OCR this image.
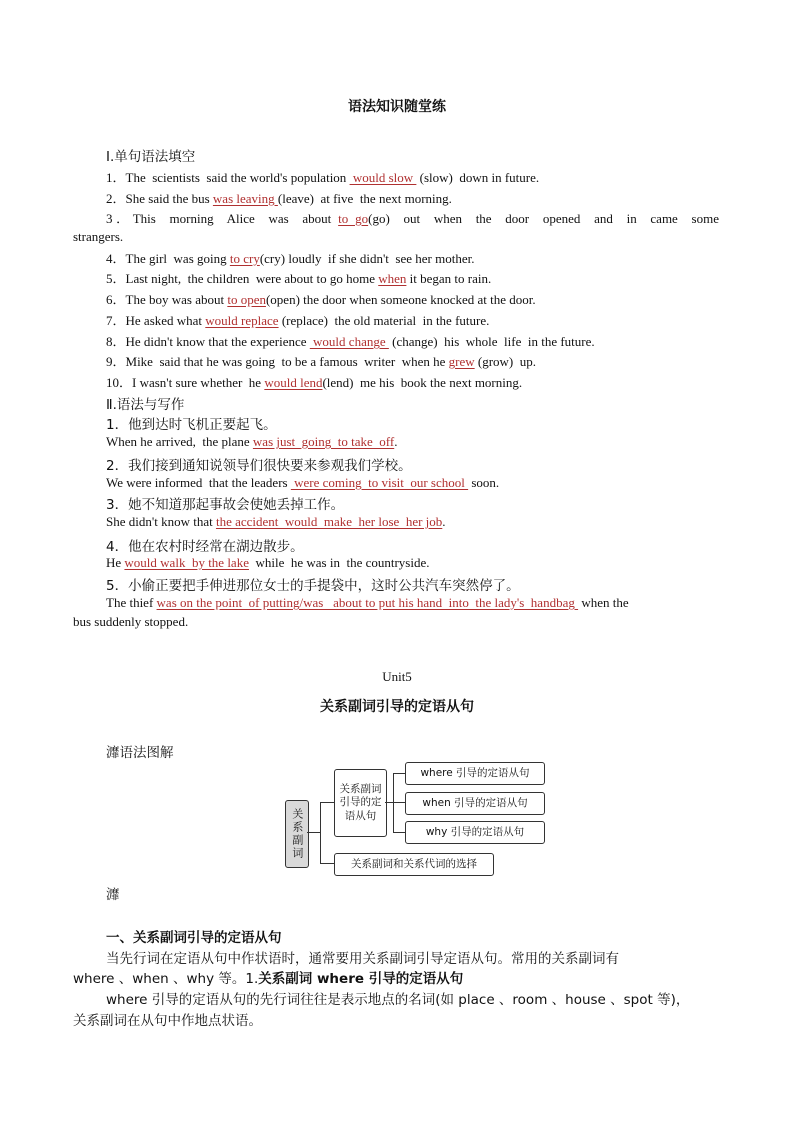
语法知识随堂练
Ⅰ.单句语法填空
1．The  scientists  said the world's population  would slow  (slow)  down in future.
2．She said the bus was leaving (leave)  at five  the next morning.
3．This  morning  Alice  was  about to go(go)  out  when  the  door  opened  and  in  came  some
4．The girl  was going to cry(cry) loudly  if she didn't  see her mother.
5．Last night,  the children  were about to go home when it began to rain.
6．The boy was about to open(open) the door when someone knocked at the door.
7．He asked what would replace (replace)  the old material  in the future.
8．He didn't know that the experience  would change  (change)  his  whole  life  in the future.
9．Mike  said that he was going  to be a famous  writer  when he grew (grow)  up.
10．I wasn't sure whether  he would lend(lend)  me his  book the next morning.
strangers.
Ⅱ.语法与写作
1．他到达时飞机正要起飞。
When he arrived,  the plane was just  going  to take  off.
2．我们接到通知说领导们很快要来参观我们学校。
We were informed  that the leaders  were coming  to visit  our school  soon.
3．她不知道那起事故会使她丢掉工作。
She didn't know that the accident  would  make  her lose  her job.
4．他在农村时经常在湖边散步。
He would walk  by the lake  while  he was in  the countryside.
5．小偷正要把手伸进那位女士的手提袋中，这时公共汽车突然停了。
The thief was on the point  of putting/was   about to put his hand  into  the lady's  handbag  when the
bus suddenly stopped.
Unit5
关系副词引导的定语从句
灖语法图解
关系副词
关系副词引导的定语从句
where 引导的定语从句
when 引导的定语从句
why 引导的定语从句
关系副词和关系代词的选择
灖
一、关系副词引导的定语从句
当先行词在定语从句中作状语时，通常要用关系副词引导定语从句。常用的关系副词有
where 、when 、why 等。1.关系副词 where 引导的定语从句
where 引导的定语从句的先行词往往是表示地点的名词(如 place 、room 、house 、spot 等)，
关系副词在从句中作地点状语。
